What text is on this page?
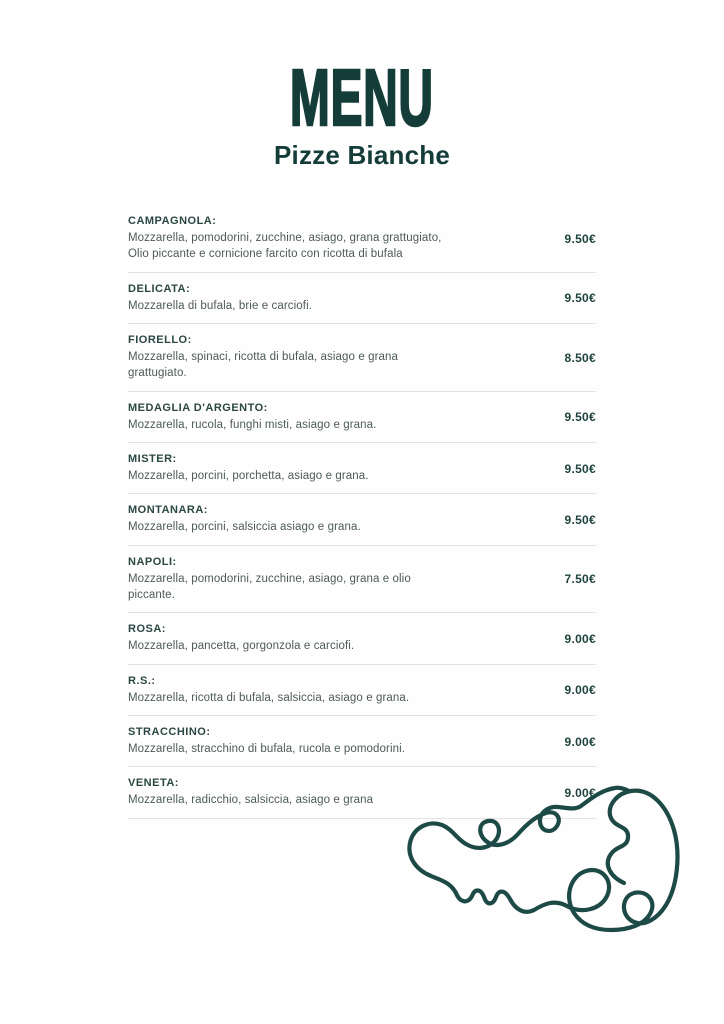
MENU
Pizze Bianche
CAMPAGNOLA:
Mozzarella, pomodorini, zucchine, asiago, grana grattugiato, Olio piccante e cornicione farcito con ricotta di bufala
9.50€
DELICATA:
Mozzarella di bufala, brie e carciofi.
9.50€
FIORELLO:
Mozzarella, spinaci, ricotta di bufala, asiago e grana grattugiato.
8.50€
MEDAGLIA D'ARGENTO:
Mozzarella, rucola, funghi misti, asiago e grana.
9.50€
MISTER:
Mozzarella, porcini, porchetta, asiago e grana.
9.50€
MONTANARA:
Mozzarella, porcini, salsiccia asiago e grana.
9.50€
NAPOLI:
Mozzarella, pomodorini, zucchine, asiago, grana e olio piccante.
7.50€
ROSA:
Mozzarella, pancetta, gorgonzola e carciofi.
9.00€
R.S.:
Mozzarella, ricotta di bufala, salsiccia, asiago e grana.
9.00€
STRACCHINO:
Mozzarella, stracchino di bufala, rucola e pomodorini.
9.00€
VENETA:
Mozzarella, radicchio, salsiccia, asiago e grana
9.00€
